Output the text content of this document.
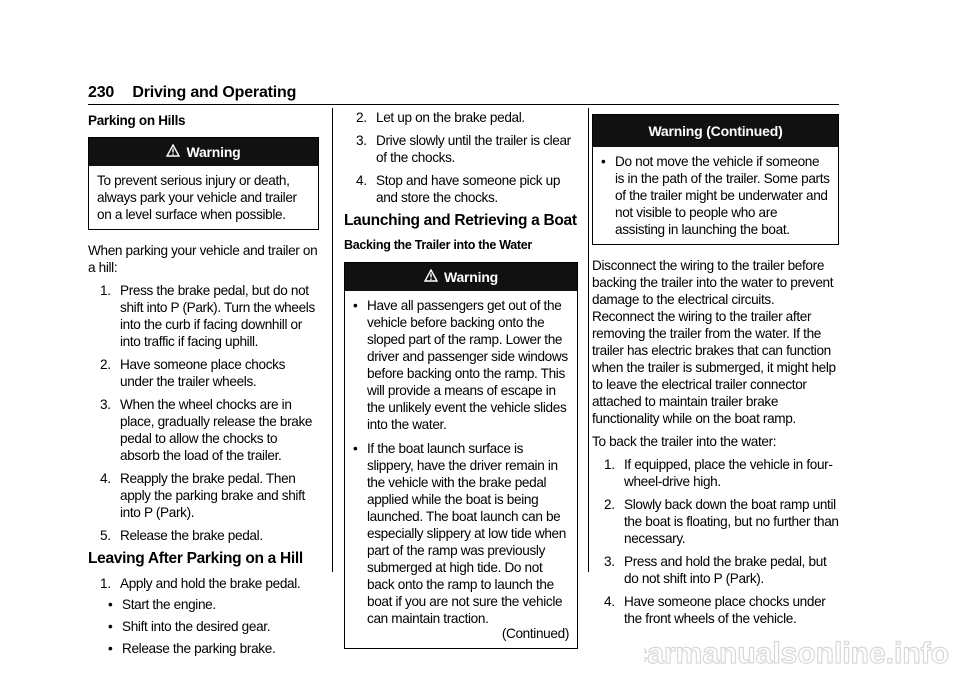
230 Driving and Operating
Parking on Hills
Warning

To prevent serious injury or death, always park your vehicle and trailer on a level surface when possible.

When parking your vehicle and trailer on a hill:

1. Press the brake pedal, but do not shift into P (Park). Turn the wheels into the curb if facing downhill or into traffic if facing uphill.
2. Have someone place chocks under the trailer wheels.
3. When the wheel chocks are in place, gradually release the brake pedal to allow the chocks to absorb the load of the trailer.
4. Reapply the brake pedal. Then apply the parking brake and shift into P (Park).
5. Release the brake pedal.
Leaving After Parking on a Hill
1. Apply and hold the brake pedal.
• Start the engine.
• Shift into the desired gear.
• Release the parking brake.
2. Let up on the brake pedal.
3. Drive slowly until the trailer is clear of the chocks.
4. Stop and have someone pick up and store the chocks.
Launching and Retrieving a Boat
Backing the Trailer into the Water
Warning
• Have all passengers get out of the vehicle before backing onto the sloped part of the ramp. Lower the driver and passenger side windows before backing onto the ramp. This will provide a means of escape in the unlikely event the vehicle slides into the water.
• If the boat launch surface is slippery, have the driver remain in the vehicle with the brake pedal applied while the boat is being launched. The boat launch can be especially slippery at low tide when part of the ramp was previously submerged at high tide. Do not back onto the ramp to launch the boat if you are not sure the vehicle can maintain traction.
(Continued)
Warning (Continued)
• Do not move the vehicle if someone is in the path of the trailer. Some parts of the trailer might be underwater and not visible to people who are assisting in launching the boat.

Disconnect the wiring to the trailer before backing the trailer into the water to prevent damage to the electrical circuits. Reconnect the wiring to the trailer after removing the trailer from the water. If the trailer has electric brakes that can function when the trailer is submerged, it might help to leave the electrical trailer connector attached to maintain trailer brake functionality while on the boat ramp.

To back the trailer into the water:

1. If equipped, place the vehicle in four-wheel-drive high.
2. Slowly back down the boat ramp until the boat is floating, but no further than necessary.
3. Press and hold the brake pedal, but do not shift into P (Park).
4. Have someone place chocks under the front wheels of the vehicle.
carmanualsonline.info
